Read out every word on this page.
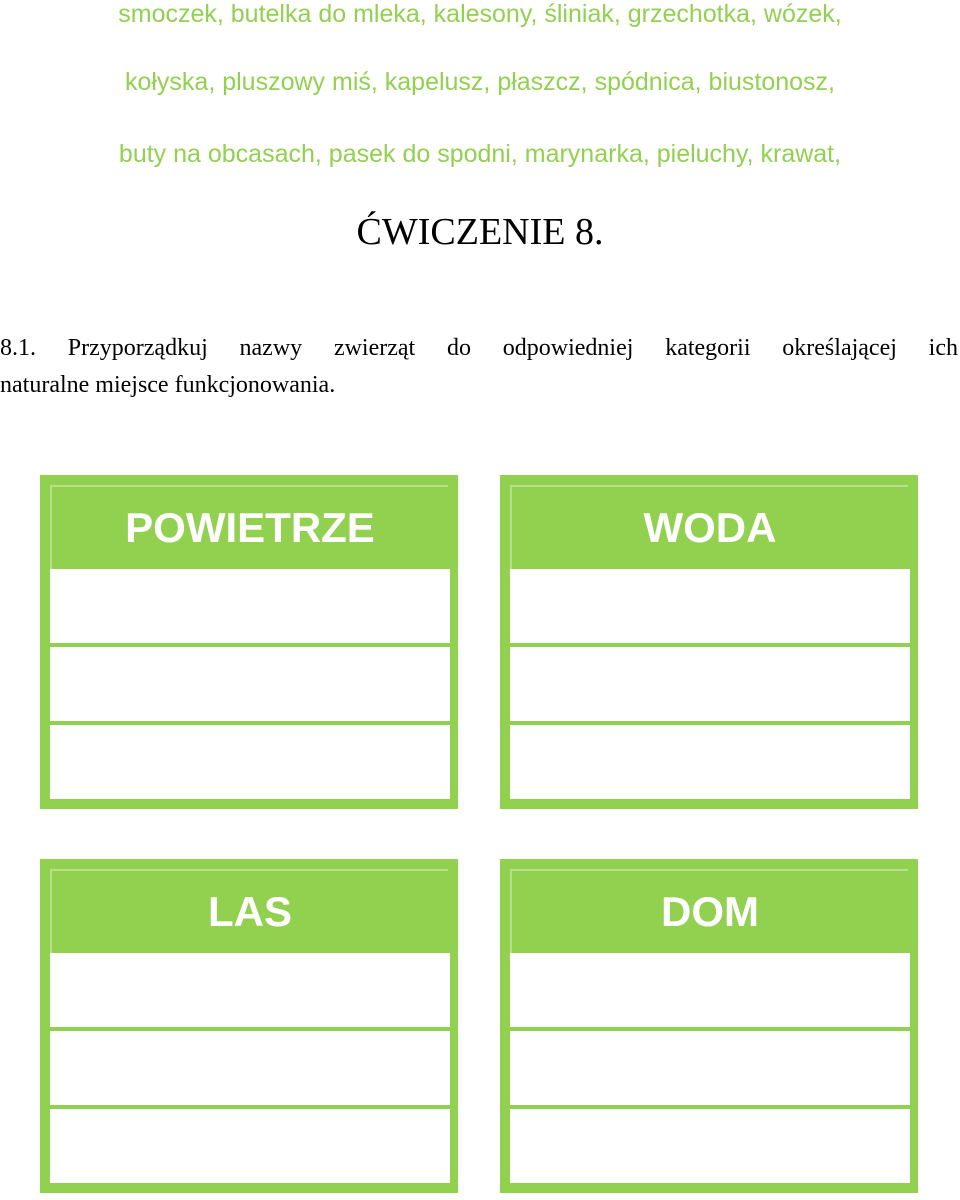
smoczek, butelka do mleka, kalesony, śliniak, grzechotka, wózek,
kołyska, pluszowy miś, kapelusz, płaszcz, spódnica, biustonosz,
buty na obcasach, pasek do spodni, marynarka, pieluchy, krawat,
ĆWICZENIE 8.
8.1. Przyporządkuj nazwy zwierząt do odpowiedniej kategorii określającej ich
naturalne miejsce funkcjonowania.
POWIETRZE	WODA
LAS	DOM
